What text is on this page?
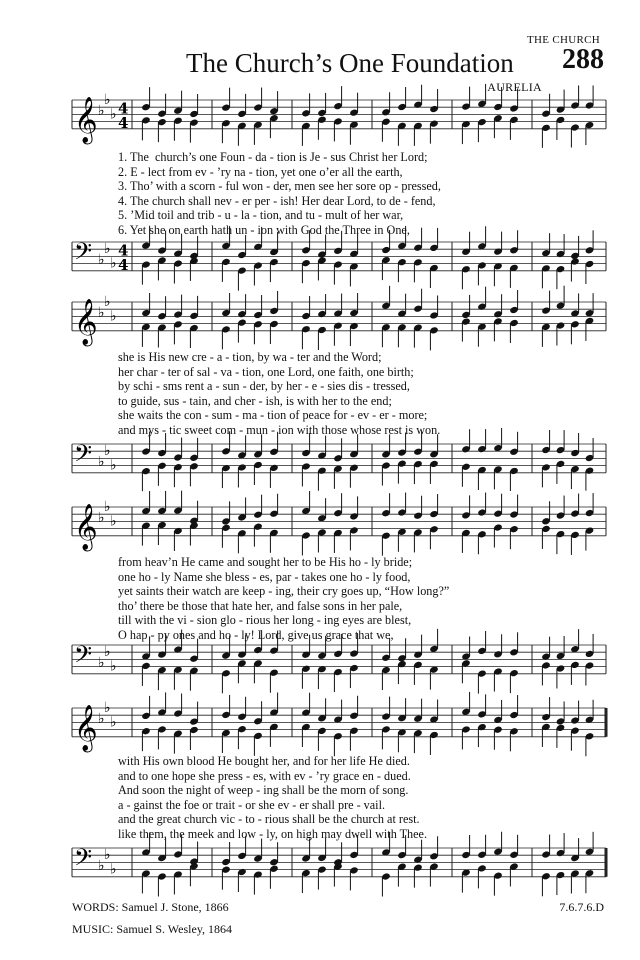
THE CHURCH
The Church’s One Foundation 288
AURELIA
𝄞 ♭
♭
♭ 4
4
𝄢 ♭
♭
♭
4
4
1. The  church’s one Foun - da - tion is Je - sus Christ her Lord;
2. E - lect from ev - ’ry na - tion, yet one o’er all the earth,
3. Tho’ with a scorn - ful won - der, men see her sore op - pressed,
4. The church shall nev - er per - ish! Her dear Lord, to de - fend,
5. ’Mid toil and trib - u - la - tion, and tu - mult of her war,
6. Yet she on earth hath un - ion with God the Three in One,
𝄞 ♭
♭
♭
𝄢 ♭
♭
♭
she is His new cre - a - tion, by wa - ter and the Word;
her char - ter of sal - va - tion, one Lord, one faith, one birth;
by schi - sms rent a - sun - der, by her - e - sies dis - tressed,
to guide, sus - tain, and cher - ish, is with her to the end;
she waits the con - sum - ma - tion of peace for - ev - er - more;
and mys - tic sweet com - mun - ion with those whose rest is won.
𝄞 ♭
♭
♭
𝄢 ♭
♭
♭
from heav’n He came and sought her to be His ho - ly bride;
one ho - ly Name she bless - es, par - takes one ho - ly food,
yet saints their watch are keep - ing, their cry goes up, “How long?”
tho’ there be those that hate her, and false sons in her pale,
till with the vi - sion glo - rious her long - ing eyes are blest,
O hap - py ones and ho - ly! Lord, give us grace that we,
𝄞 ♭
♭
♭
𝄢 ♭
♭
♭
with His own blood He bought her, and for her life He died.
and to one hope she press - es, with ev - ’ry grace en - dued.
And soon the night of weep - ing shall be the morn of song.
a - gainst the foe or trait - or she ev - er shall pre - vail.
and the great church vic - to - rious shall be the church at rest.
like them, the meek and low - ly, on high may dwell with Thee.
WORDS: Samuel J. Stone, 1866
MUSIC: Samuel S. Wesley, 1864
7.6.7.6.D
